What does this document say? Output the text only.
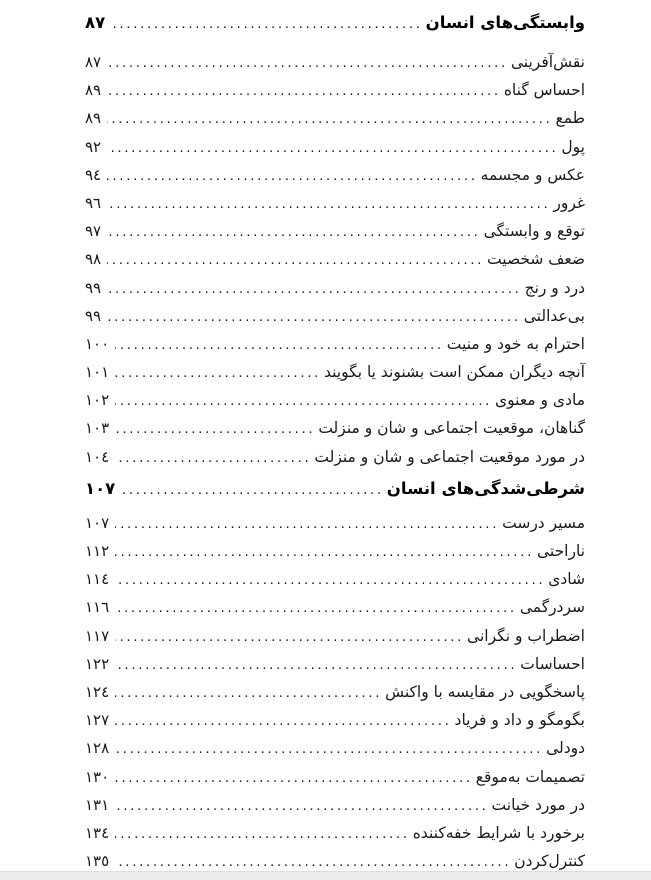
وابستگی‌های انسان
.....
٨٧
نقش‌آفرینی
.....
٨٧
احساس گناه
.....
٨٩
طمع
.....
٨٩
پول
.....
٩٢
عکس و مجسمه
.....
٩٤
غرور
.....
٩٦
توقع و وابستگی
.....
٩٧
ضعف شخصیت
.....
٩٨
درد و رنج
.....
٩٩
بی‌عدالتی
.....
٩٩
احترام به خود و منیت
.....
١٠٠
آنچه دیگران ممکن است بشنوند یا بگویند
.....
١٠١
مادی و معنوی
.....
١٠٢
گناهان، موقعیت اجتماعی و شان و منزلت
.....
١٠٣
در مورد موقعیت اجتماعی و شان و منزلت
.....
١٠٤
شرطی‌شدگی‌های انسان
.....
١٠٧
مسیر درست
.....
١٠٧
ناراحتی
.....
١١٢
شادی
.....
١١٤
سردرگمی
.....
١١٦
اضطراب و نگرانی
.....
١١٧
احساسات
.....
١٢٢
پاسخگویی در مقایسه با واکنش
.....
١٢٤
بگومگو و داد و فریاد
.....
١٢٧
دودلی
.....
١٢٨
تصمیمات به‌موقع
.....
١٣٠
در مورد خیانت
.....
١٣١
برخورد با شرایط خفه‌کننده
.....
١٣٤
کنترل‌کردن
.....
١٣٥
